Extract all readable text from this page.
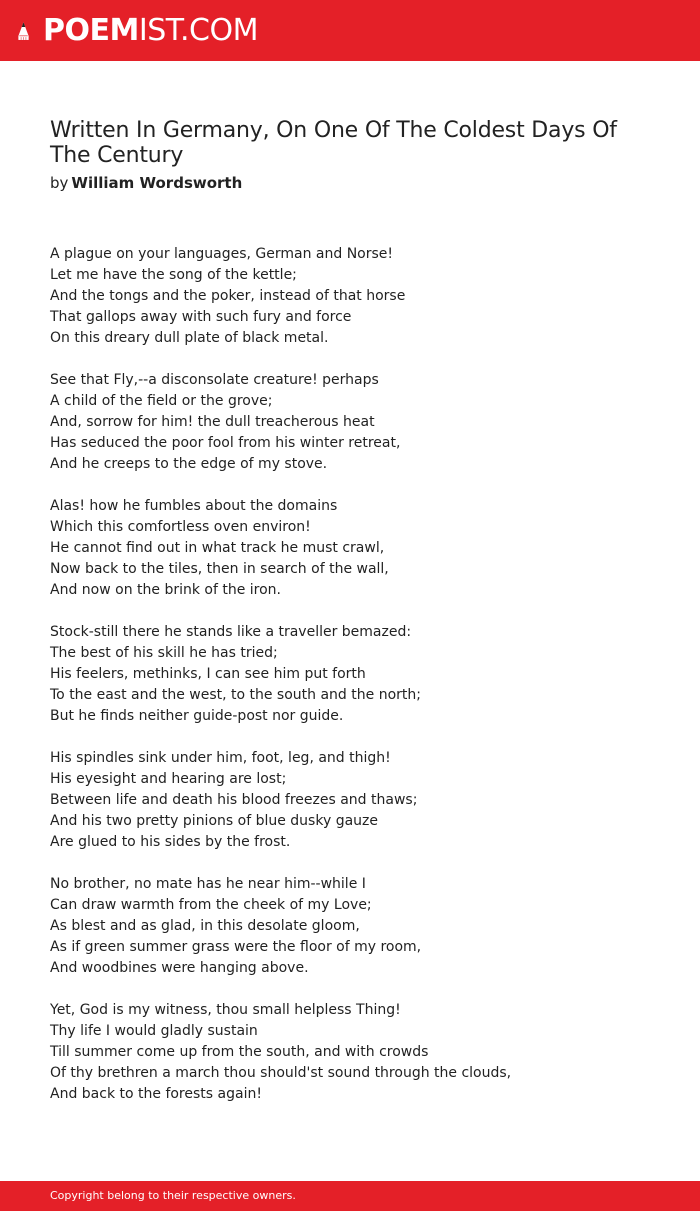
POEMIST.COM
Written In Germany, On One Of The Coldest Days Of The Century
by William Wordsworth
A plague on your languages, German and Norse!
Let me have the song of the kettle;
And the tongs and the poker, instead of that horse
That gallops away with such fury and force
On this dreary dull plate of black metal.
See that Fly,--a disconsolate creature! perhaps
A child of the field or the grove;
And, sorrow for him! the dull treacherous heat
Has seduced the poor fool from his winter retreat,
And he creeps to the edge of my stove.
Alas! how he fumbles about the domains
Which this comfortless oven environ!
He cannot find out in what track he must crawl,
Now back to the tiles, then in search of the wall,
And now on the brink of the iron.
Stock-still there he stands like a traveller bemazed:
The best of his skill he has tried;
His feelers, methinks, I can see him put forth
To the east and the west, to the south and the north;
But he finds neither guide-post nor guide.
His spindles sink under him, foot, leg, and thigh!
His eyesight and hearing are lost;
Between life and death his blood freezes and thaws;
And his two pretty pinions of blue dusky gauze
Are glued to his sides by the frost.
No brother, no mate has he near him--while I
Can draw warmth from the cheek of my Love;
As blest and as glad, in this desolate gloom,
As if green summer grass were the floor of my room,
And woodbines were hanging above.
Yet, God is my witness, thou small helpless Thing!
Thy life I would gladly sustain
Till summer come up from the south, and with crowds
Of thy brethren a march thou should'st sound through the clouds,
And back to the forests again!
Copyright belong to their respective owners.
